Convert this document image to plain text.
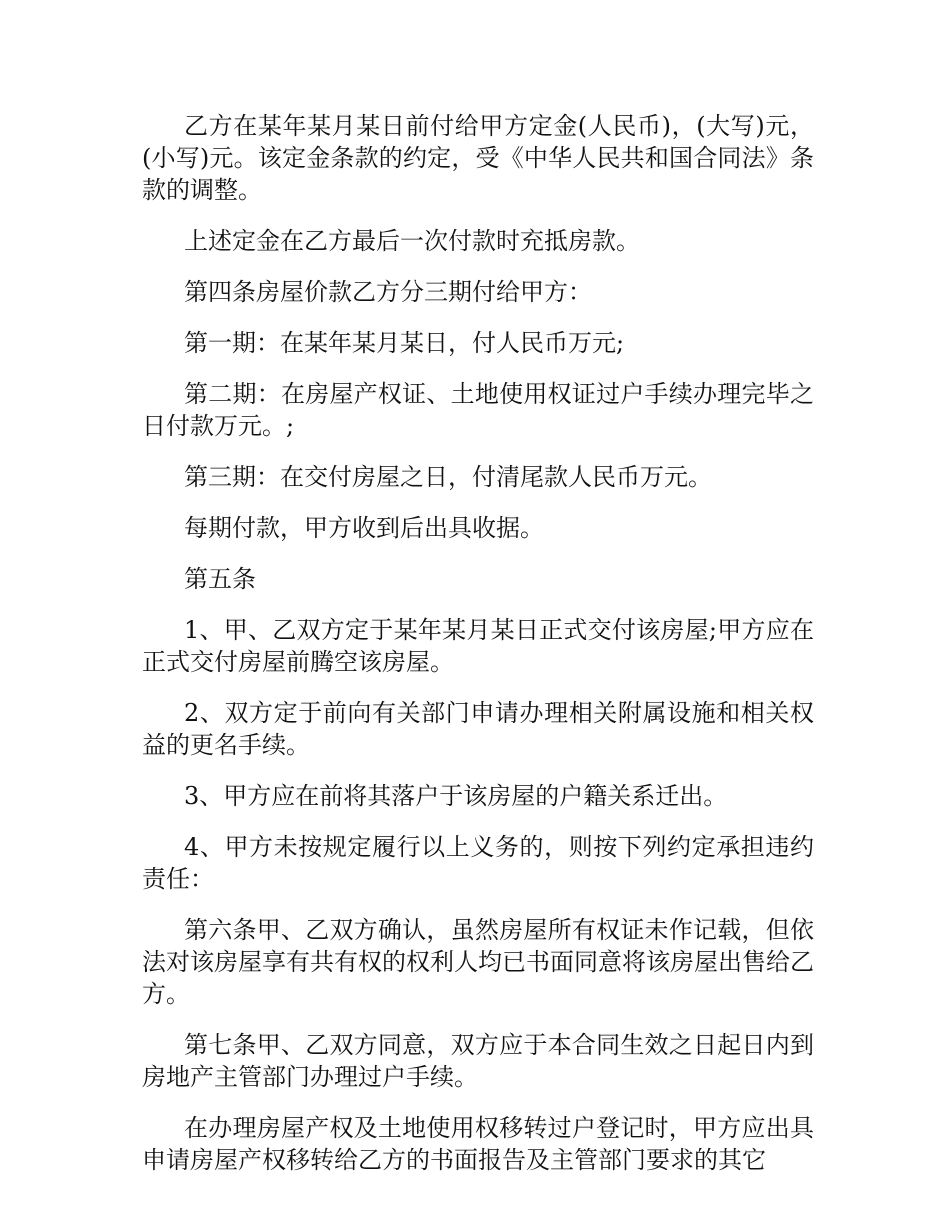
乙方在某年某月某日前付给甲方定金(人民币)，(大写)元，(小写)元。该定金条款的约定，受《中华人民共和国合同法》条款的调整。

上述定金在乙方最后一次付款时充抵房款。

第四条房屋价款乙方分三期付给甲方：

第一期：在某年某月某日，付人民币万元;

第二期：在房屋产权证、土地使用权证过户手续办理完毕之日付款万元。;

第三期：在交付房屋之日，付清尾款人民币万元。

每期付款，甲方收到后出具收据。

第五条

1、甲、乙双方定于某年某月某日正式交付该房屋;甲方应在正式交付房屋前腾空该房屋。

2、双方定于前向有关部门申请办理相关附属设施和相关权益的更名手续。

3、甲方应在前将其落户于该房屋的户籍关系迁出。

4、甲方未按规定履行以上义务的，则按下列约定承担违约责任：

第六条甲、乙双方确认，虽然房屋所有权证未作记载，但依法对该房屋享有共有权的权利人均已书面同意将该房屋出售给乙方。

第七条甲、乙双方同意，双方应于本合同生效之日起日内到房地产主管部门办理过户手续。

在办理房屋产权及土地使用权移转过户登记时，甲方应出具申请房屋产权移转给乙方的书面报告及主管部门要求的其它
